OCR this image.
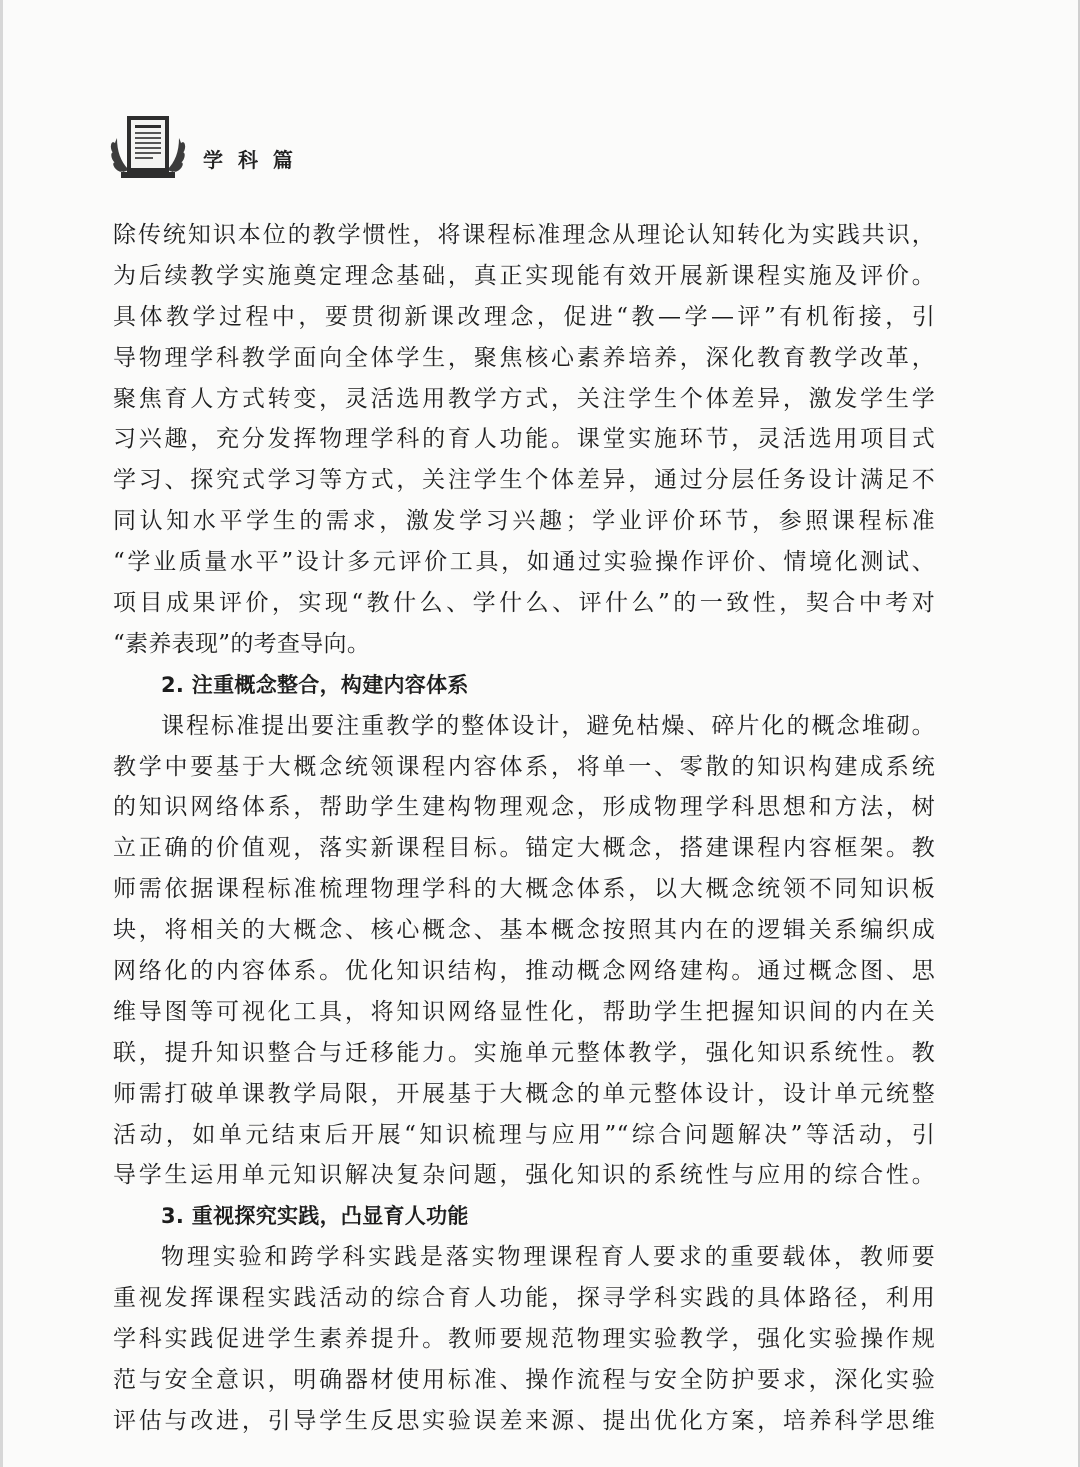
学 科 篇
除传统知识本位的教学惯性，将课程标准理念从理论认知转化为实践共识，
为后续教学实施奠定理念基础，真正实现能有效开展新课程实施及评价。
具体教学过程中，要贯彻新课改理念，促进“教—学—评”有机衔接，引
导物理学科教学面向全体学生，聚焦核心素养培养，深化教育教学改革，
聚焦育人方式转变，灵活选用教学方式，关注学生个体差异，激发学生学
习兴趣，充分发挥物理学科的育人功能。课堂实施环节，灵活选用项目式
学习、探究式学习等方式，关注学生个体差异，通过分层任务设计满足不
同认知水平学生的需求，激发学习兴趣；学业评价环节，参照课程标准
“学业质量水平”设计多元评价工具，如通过实验操作评价、情境化测试、
项目成果评价，实现“教什么、学什么、评什么”的一致性，契合中考对
“素养表现”的考查导向。
2. 注重概念整合，构建内容体系
课程标准提出要注重教学的整体设计，避免枯燥、碎片化的概念堆砌。
教学中要基于大概念统领课程内容体系，将单一、零散的知识构建成系统
的知识网络体系，帮助学生建构物理观念，形成物理学科思想和方法，树
立正确的价值观，落实新课程目标。锚定大概念，搭建课程内容框架。教
师需依据课程标准梳理物理学科的大概念体系，以大概念统领不同知识板
块，将相关的大概念、核心概念、基本概念按照其内在的逻辑关系编织成
网络化的内容体系。优化知识结构，推动概念网络建构。通过概念图、思
维导图等可视化工具，将知识网络显性化，帮助学生把握知识间的内在关
联，提升知识整合与迁移能力。实施单元整体教学，强化知识系统性。教
师需打破单课教学局限，开展基于大概念的单元整体设计，设计单元统整
活动，如单元结束后开展“知识梳理与应用”“综合问题解决”等活动，引
导学生运用单元知识解决复杂问题，强化知识的系统性与应用的综合性。
3. 重视探究实践，凸显育人功能
物理实验和跨学科实践是落实物理课程育人要求的重要载体，教师要
重视发挥课程实践活动的综合育人功能，探寻学科实践的具体路径，利用
学科实践促进学生素养提升。教师要规范物理实验教学，强化实验操作规
范与安全意识，明确器材使用标准、操作流程与安全防护要求，深化实验
评估与改进，引导学生反思实验误差来源、提出优化方案，培养科学思维
